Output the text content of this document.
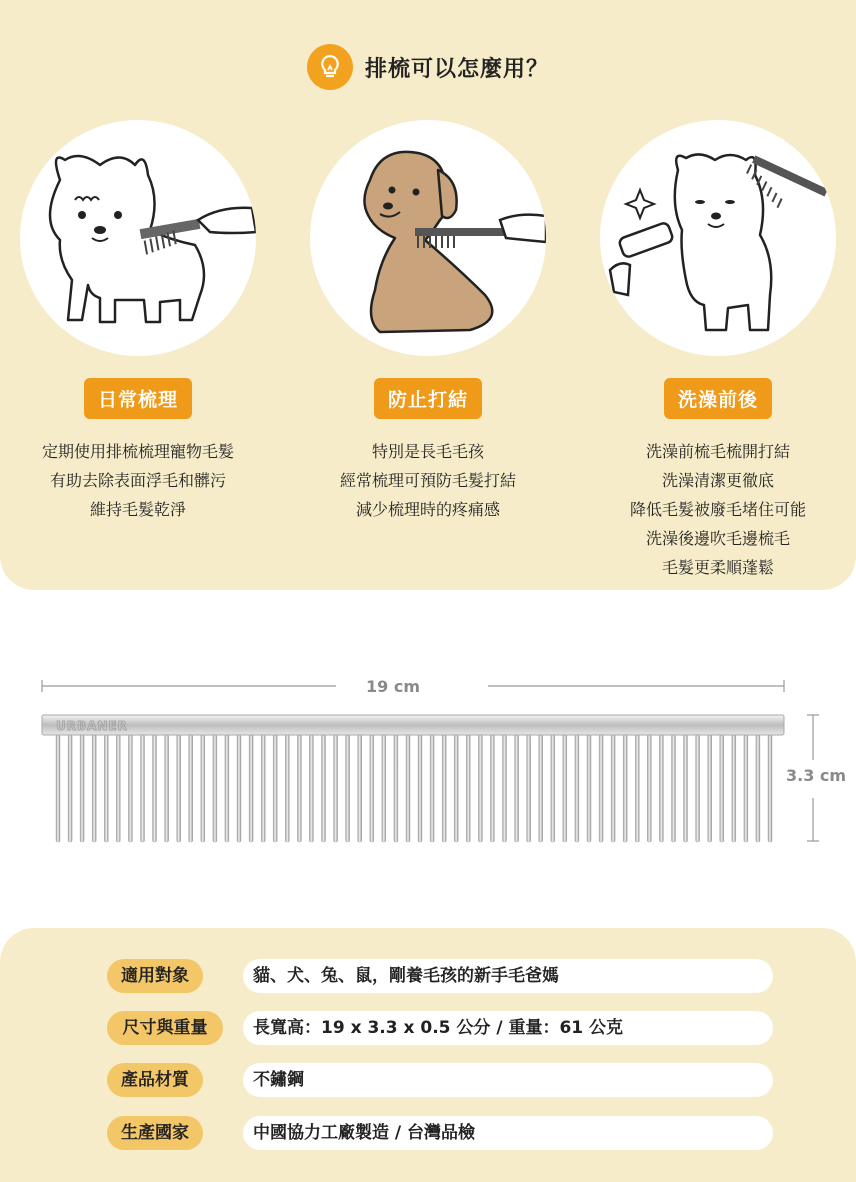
排梳可以怎麼用？
日常梳理
定期使用排梳梳理寵物毛髮
有助去除表面浮毛和髒污
維持毛髮乾淨
防止打結
特別是長毛毛孩
經常梳理可預防毛髮打結
減少梳理時的疼痛感
洗澡前後
洗澡前梳毛梳開打結
洗澡清潔更徹底
降低毛髮被廢毛堵住可能
洗澡後邊吹毛邊梳毛
毛髮更柔順蓬鬆
URBANER
19 cm
3.3 cm
適用對象	貓、犬、兔、鼠，剛養毛孩的新手毛爸媽
尺寸與重量	長寬高：19 x 3.3 x 0.5 公分 / 重量：61 公克
產品材質	不鏽鋼
生產國家	中國協力工廠製造 / 台灣品檢
